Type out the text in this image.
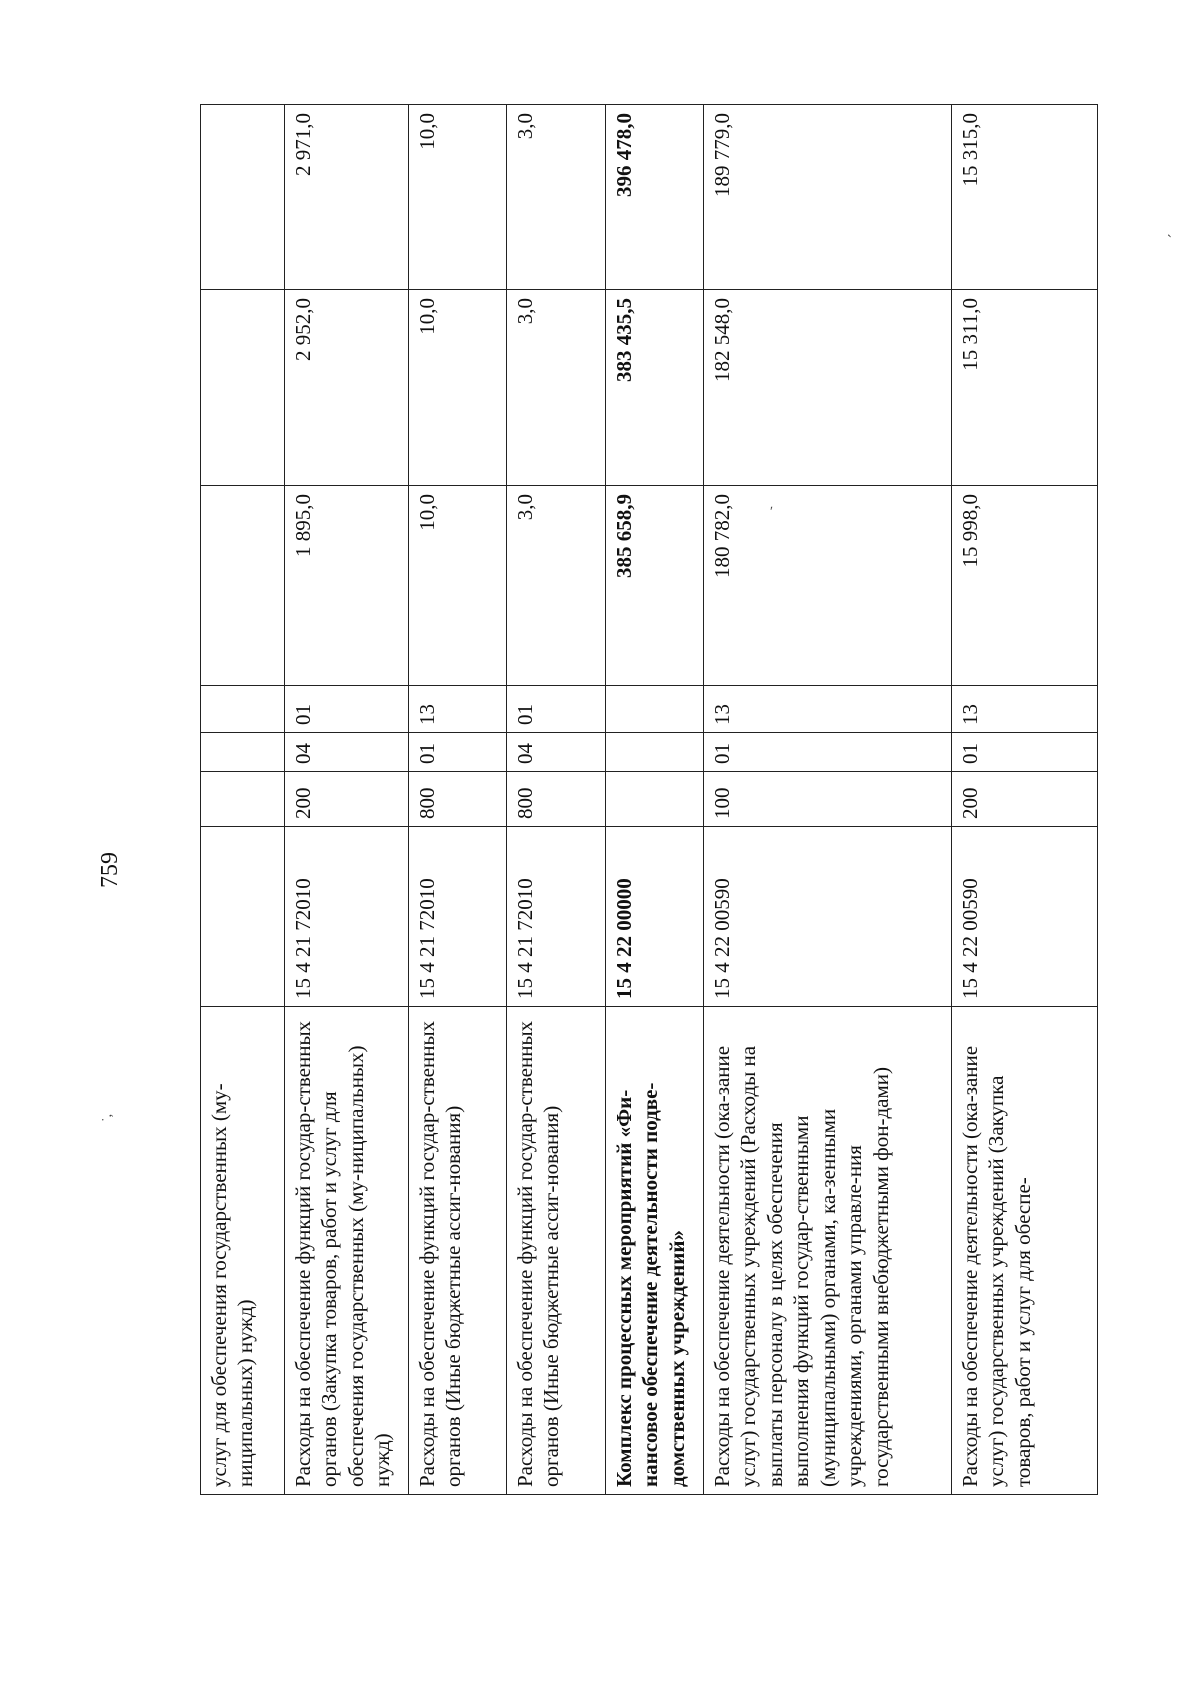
759
˙,
ʹ
ʹ
услуг для обеспечения государственных (му-ниципальных) нужд)							
Расходы на обеспечение функций государ-ственных органов (Закупка товаров, работ и услуг для обеспечения государственных (му-ниципальных) нужд)	15 4 21 72010	200	04	01	1 895,0	2 952,0	2 971,0
Расходы на обеспечение функций государ-ственных органов (Иные бюджетные ассиг-нования)	15 4 21 72010	800	01	13	10,0	10,0	10,0
Расходы на обеспечение функций государ-ственных органов (Иные бюджетные ассиг-нования)	15 4 21 72010	800	04	01	3,0	3,0	3,0
Комплекс процессных мероприятий «Фи-нансовое обеспечение деятельности подве-домственных учреждений»	15 4 22 00000				385 658,9	383 435,5	396 478,0
Расходы на обеспечение деятельности (ока-зание услуг) государственных учреждений (Расходы на выплаты персоналу в целях обеспечения выполнения функций государ-ственными (муниципальными) органами, ка-зенными учреждениями, органами управле-ния государственными внебюджетными фон-дами)	15 4 22 00590	100	01	13	180 782,0	182 548,0	189 779,0
Расходы на обеспечение деятельности (ока-зание услуг) государственных учреждений (Закупка товаров, работ и услуг для обеспе-	15 4 22 00590	200	01	13	15 998,0	15 311,0	15 315,0
